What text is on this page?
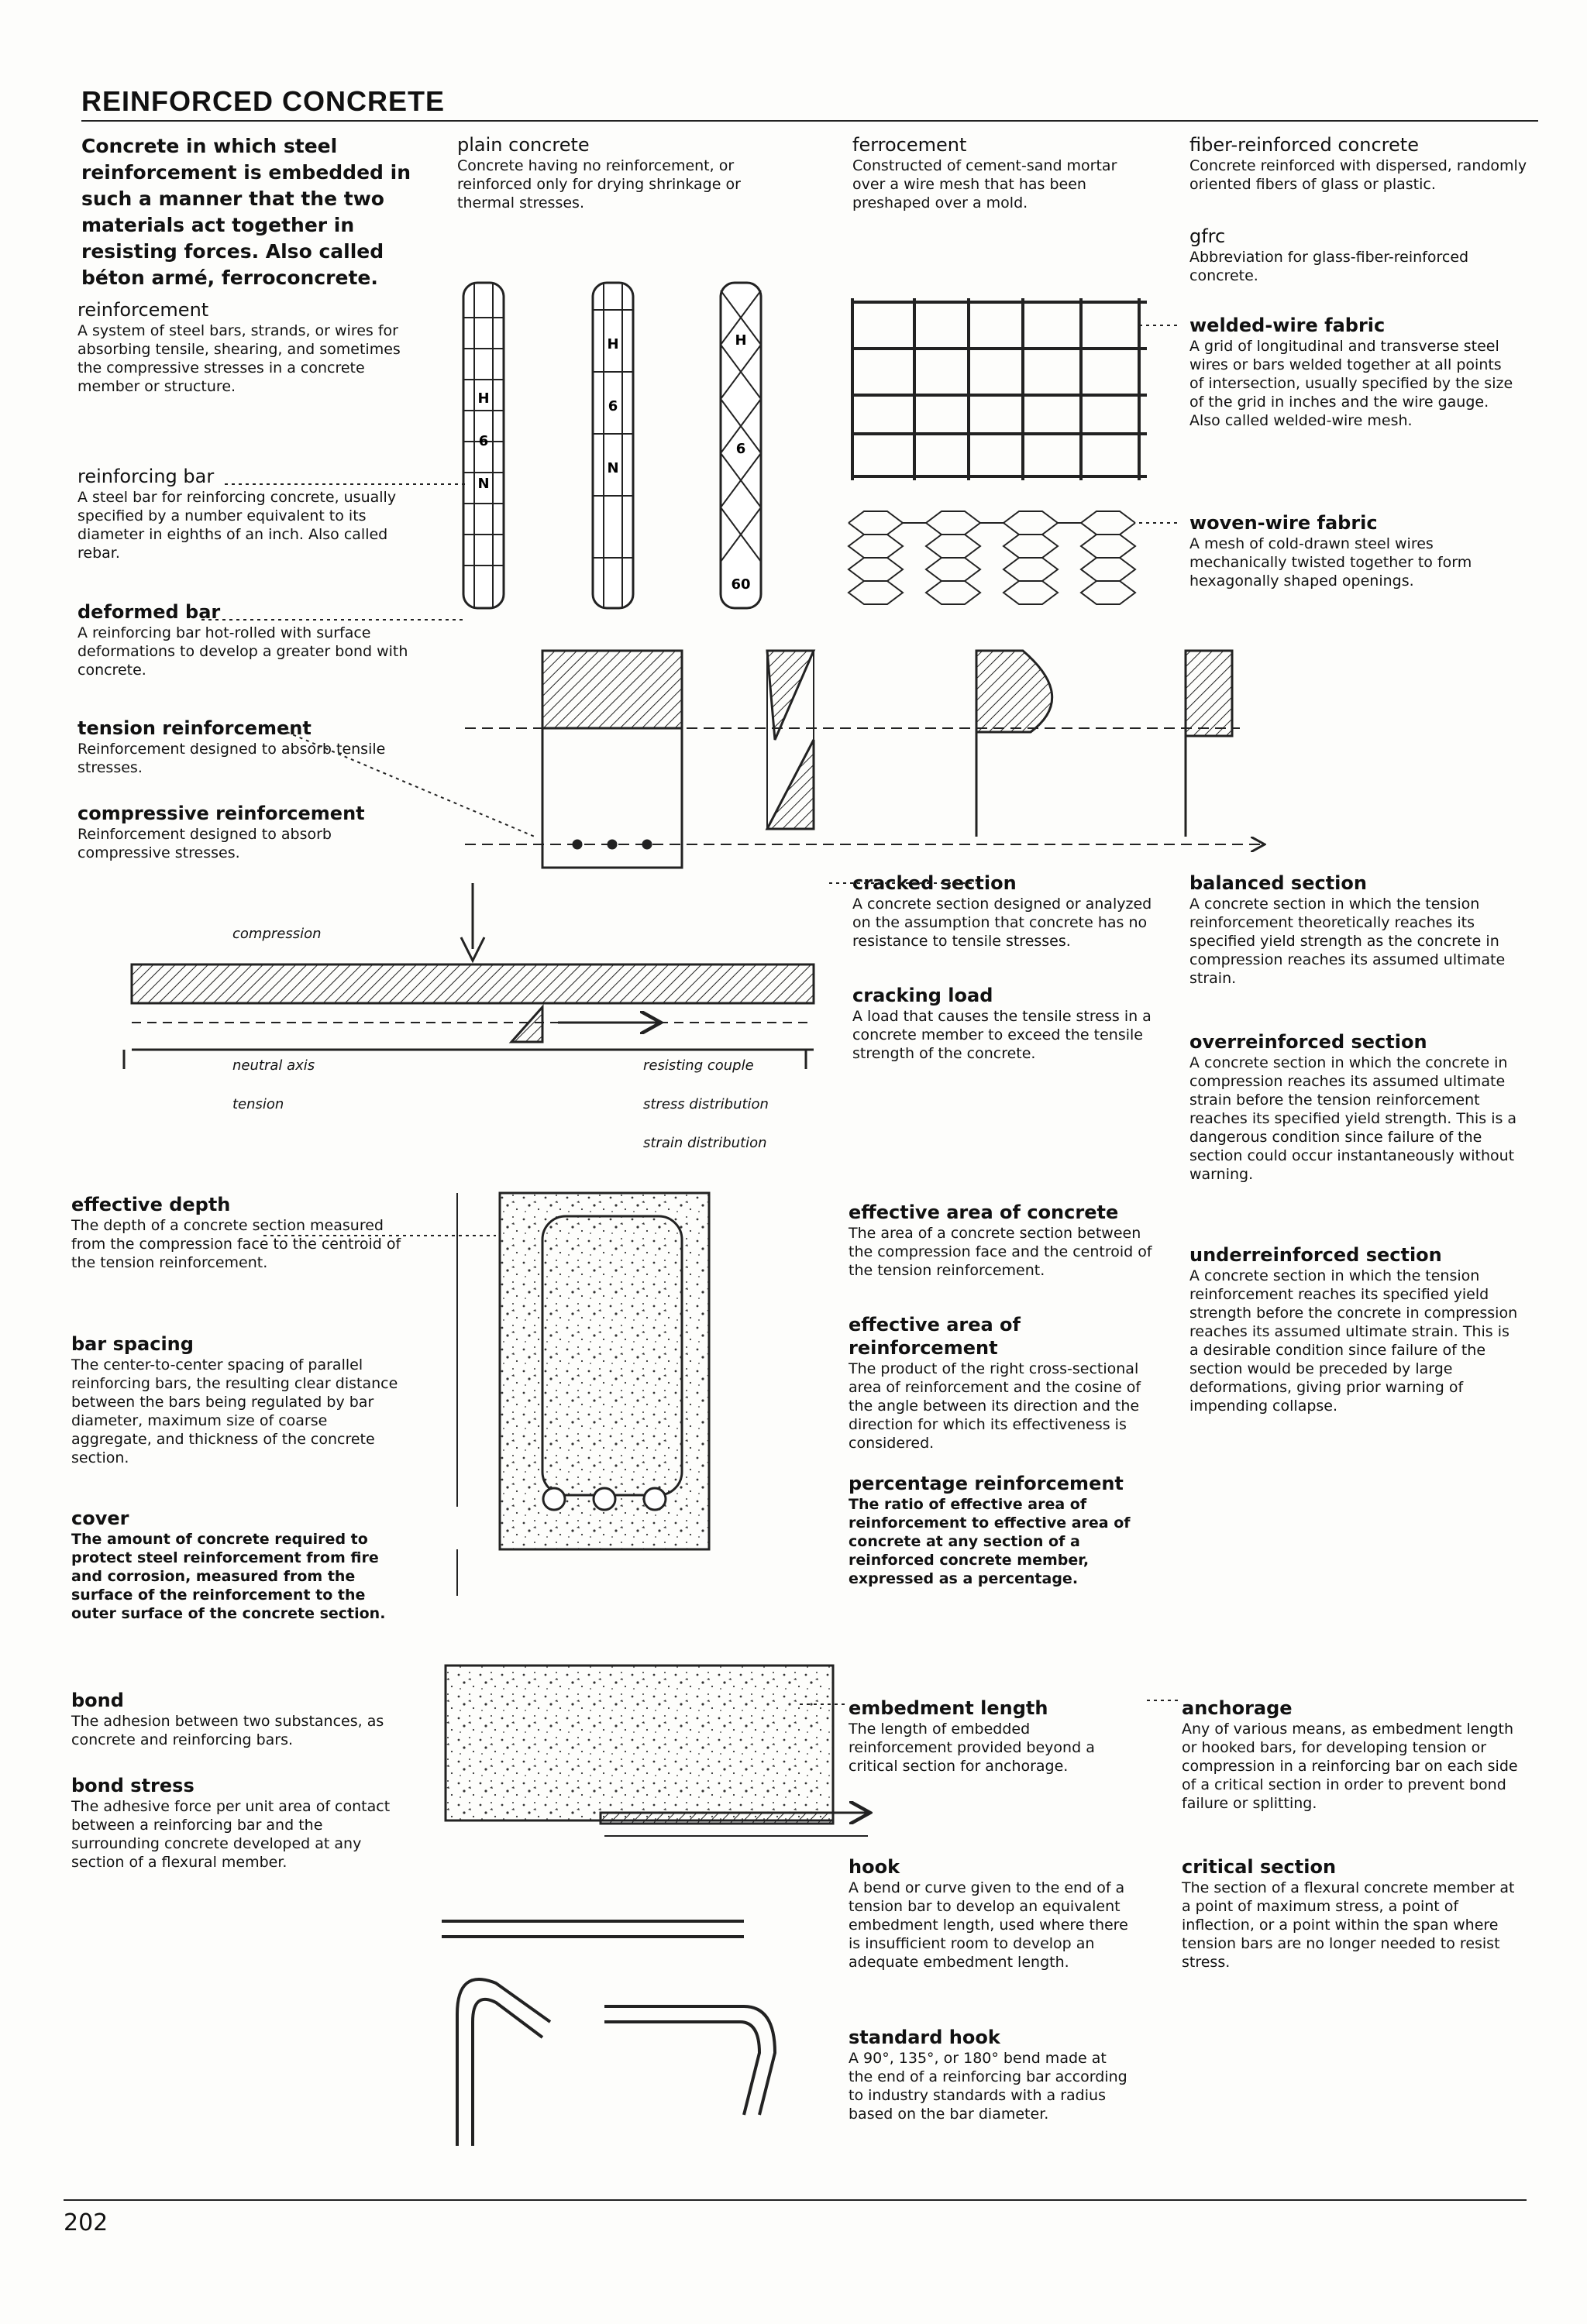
REINFORCED CONCRETE
Concrete in which steel reinforcement is embedded in such a manner that the two materials act together in resisting forces. Also called béton armé, ferroconcrete.
reinforcement
A system of steel bars, strands, or wires for absorbing tensile, shearing, and sometimes the compressive stresses in a concrete member or structure.
reinforcing bar
A steel bar for reinforcing concrete, usually specified by a number equivalent to its diameter in eighths of an inch. Also called rebar.
deformed bar
A reinforcing bar hot-rolled with surface deformations to develop a greater bond with concrete.
tension reinforcement
Reinforcement designed to absorb tensile stresses.
compressive reinforcement
Reinforcement designed to absorb compressive stresses.
effective depth
The depth of a concrete section measured from the compression face to the centroid of the tension reinforcement.
bar spacing
The center-to-center spacing of parallel reinforcing bars, the resulting clear distance between the bars being regulated by bar diameter, maximum size of coarse aggregate, and thickness of the concrete section.
cover
The amount of concrete required to protect steel reinforcement from fire and corrosion, measured from the surface of the reinforcement to the outer surface of the concrete section.
bond
The adhesion between two substances, as concrete and reinforcing bars.
bond stress
The adhesive force per unit area of contact between a reinforcing bar and the surrounding concrete developed at any section of a flexural member.
plain concrete
Concrete having no reinforcement, or reinforced only for drying shrinkage or thermal stresses.
ferrocement
Constructed of cement-sand mortar over a wire mesh that has been preshaped over a mold.
cracked section
A concrete section designed or analyzed on the assumption that concrete has no resistance to tensile stresses.
cracking load
A load that causes the tensile stress in a concrete member to exceed the tensile strength of the concrete.
effective area of concrete
The area of a concrete section between the compression face and the centroid of the tension reinforcement.
effective area of reinforcement
The product of the right cross-sectional area of reinforcement and the cosine of the angle between its direction and the direction for which its effectiveness is considered.
percentage reinforcement
The ratio of effective area of reinforcement to effective area of concrete at any section of a reinforced concrete member, expressed as a percentage.
embedment length
The length of embedded reinforcement provided beyond a critical section for anchorage.
hook
A bend or curve given to the end of a tension bar to develop an equivalent embedment length, used where there is insufficient room to develop an adequate embedment length.
standard hook
A 90°, 135°, or 180° bend made at the end of a reinforcing bar according to industry standards with a radius based on the bar diameter.
fiber-reinforced concrete
Concrete reinforced with dispersed, randomly oriented fibers of glass or plastic.
gfrc
Abbreviation for glass-fiber-reinforced concrete.
welded-wire fabric
A grid of longitudinal and transverse steel wires or bars welded together at all points of intersection, usually specified by the size of the grid in inches and the wire gauge. Also called welded-wire mesh.
woven-wire fabric
A mesh of cold-drawn steel wires mechanically twisted together to form hexagonally shaped openings.
balanced section
A concrete section in which the tension reinforcement theoretically reaches its specified yield strength as the concrete in compression reaches its assumed ultimate strain.
overreinforced section
A concrete section in which the concrete in compression reaches its assumed ultimate strain before the tension reinforcement reaches its specified yield strength. This is a dangerous condition since failure of the section could occur instantaneously without warning.
underreinforced section
A concrete section in which the tension reinforcement reaches its specified yield strength before the concrete in compression reaches its assumed ultimate strain. This is a desirable condition since failure of the section would be preceded by large deformations, giving prior warning of impending collapse.
anchorage
Any of various means, as embedment length or hooked bars, for developing tension or compression in a reinforcing bar on each side of a critical section in order to prevent bond failure or splitting.
critical section
The section of a flexural concrete member at a point of maximum stress, a point of inflection, or a point within the span where tension bars are no longer needed to resist stress.
compression
neutral axis
tension
resisting couple
stress distribution
strain distribution
H
6
N
H
6
N
H
6
60
202
